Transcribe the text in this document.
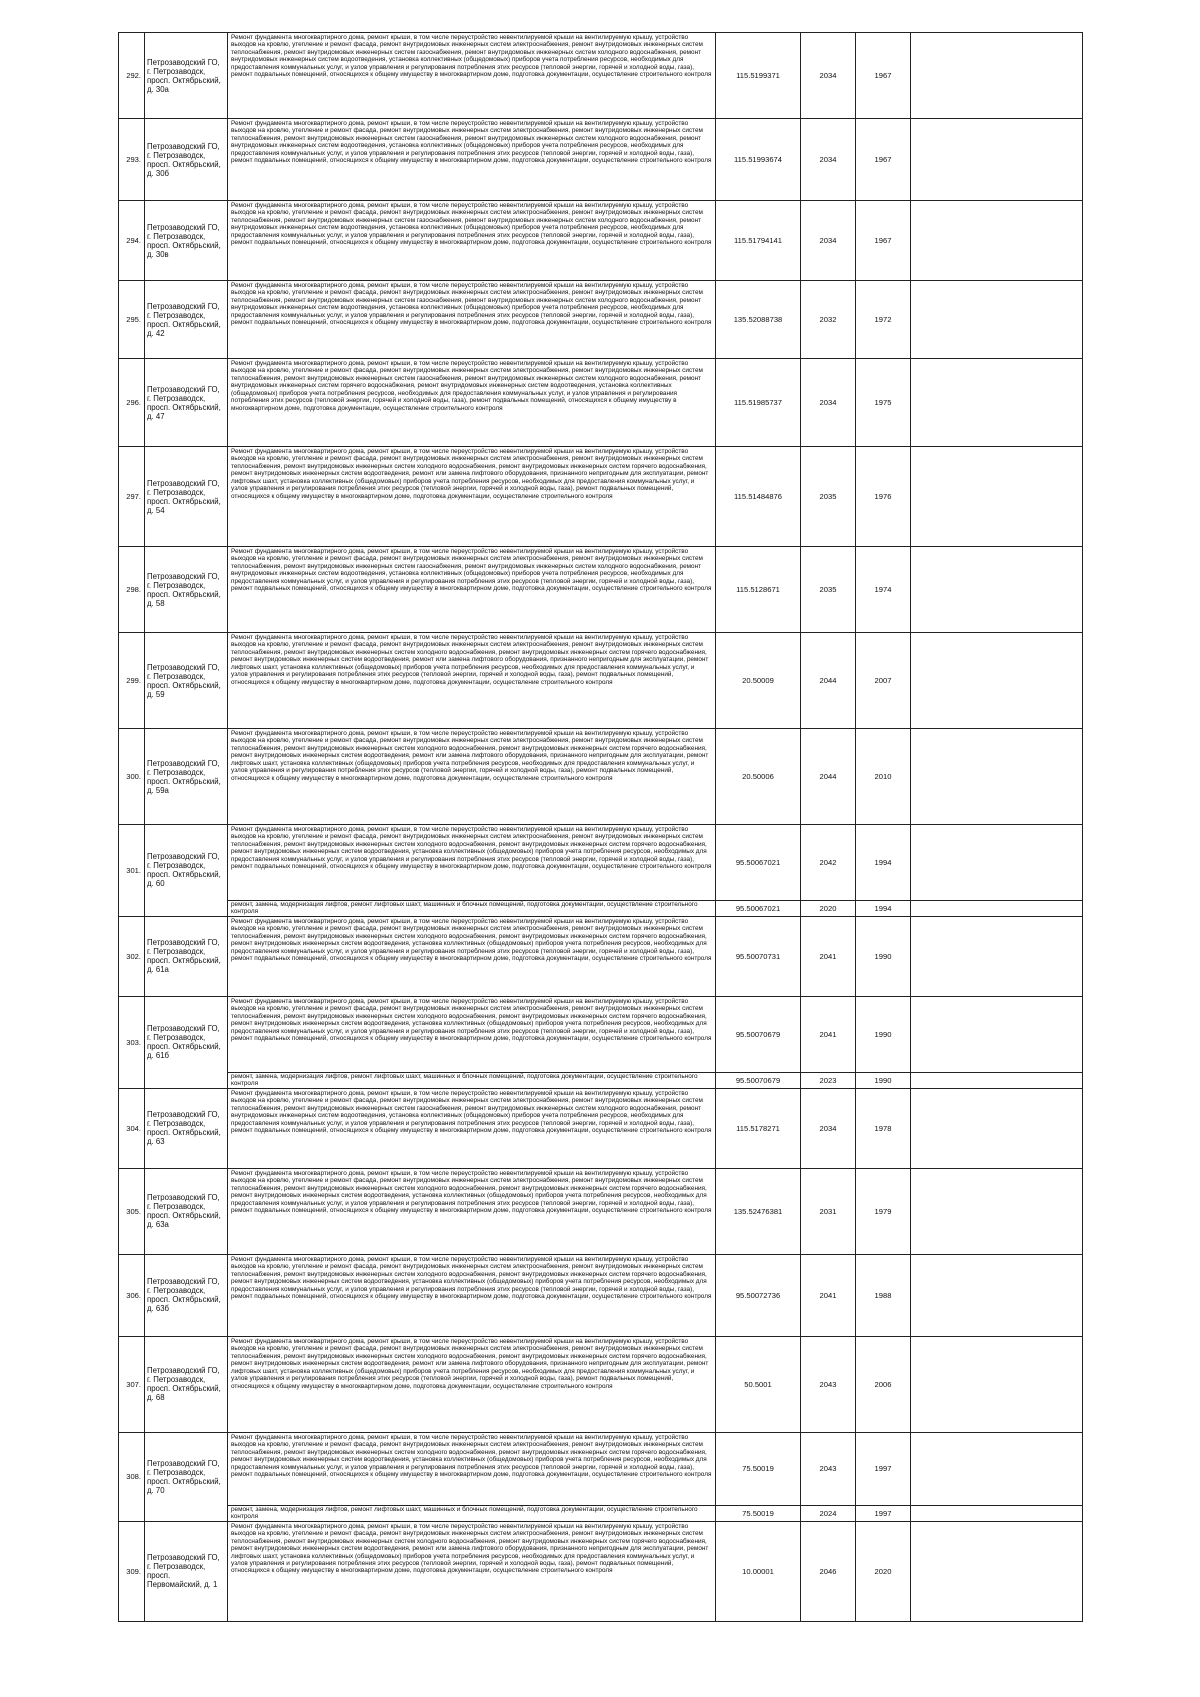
292.	Петрозаводский ГО, г. Петрозаводск, просп. Октябрьский, д. 30а	Ремонт фундамента многоквартирного дома, ремонт крыши, в том числе переустройство невентилируемой крыши на вентилируемую крышу, устройство выходов на кровлю, утепление и ремонт фасада, ремонт внутридомовых инженерных систем электроснабжения, ремонт внутридомовых инженерных систем теплоснабжения, ремонт внутридомовых инженерных систем газоснабжения, ремонт внутридомовых инженерных систем холодного водоснабжения, ремонт внутридомовых инженерных систем водоотведения, установка коллективных (общедомовых) приборов учета потребления ресурсов, необходимых для предоставления коммунальных услуг, и узлов управления и регулирования потребления этих ресурсов (тепловой энергии, горячей и холодной воды, газа), ремонт подвальных помещений, относящихся к общему имуществу в многоквартирном доме, подготовка документации, осуществление строительного контроля	115.5199371	2034	1967	
293.	Петрозаводский ГО, г. Петрозаводск, просп. Октябрьский, д. 30б	Ремонт фундамента многоквартирного дома, ремонт крыши, в том числе переустройство невентилируемой крыши на вентилируемую крышу, устройство выходов на кровлю, утепление и ремонт фасада, ремонт внутридомовых инженерных систем электроснабжения, ремонт внутридомовых инженерных систем теплоснабжения, ремонт внутридомовых инженерных систем газоснабжения, ремонт внутридомовых инженерных систем холодного водоснабжения, ремонт внутридомовых инженерных систем водоотведения, установка коллективных (общедомовых) приборов учета потребления ресурсов, необходимых для предоставления коммунальных услуг, и узлов управления и регулирования потребления этих ресурсов (тепловой энергии, горячей и холодной воды, газа), ремонт подвальных помещений, относящихся к общему имуществу в многоквартирном доме, подготовка документации, осуществление строительного контроля	115.51993674	2034	1967	
294.	Петрозаводский ГО, г. Петрозаводск, просп. Октябрьский, д. 30в	Ремонт фундамента многоквартирного дома, ремонт крыши, в том числе переустройство невентилируемой крыши на вентилируемую крышу, устройство выходов на кровлю, утепление и ремонт фасада, ремонт внутридомовых инженерных систем электроснабжения, ремонт внутридомовых инженерных систем теплоснабжения, ремонт внутридомовых инженерных систем газоснабжения, ремонт внутридомовых инженерных систем холодного водоснабжения, ремонт внутридомовых инженерных систем водоотведения, установка коллективных (общедомовых) приборов учета потребления ресурсов, необходимых для предоставления коммунальных услуг, и узлов управления и регулирования потребления этих ресурсов (тепловой энергии, горячей и холодной воды, газа), ремонт подвальных помещений, относящихся к общему имуществу в многоквартирном доме, подготовка документации, осуществление строительного контроля	115.51794141	2034	1967	
295.	Петрозаводский ГО, г. Петрозаводск, просп. Октябрьский, д. 42	Ремонт фундамента многоквартирного дома, ремонт крыши, в том числе переустройство невентилируемой крыши на вентилируемую крышу, устройство выходов на кровлю, утепление и ремонт фасада, ремонт внутридомовых инженерных систем электроснабжения, ремонт внутридомовых инженерных систем теплоснабжения, ремонт внутридомовых инженерных систем газоснабжения, ремонт внутридомовых инженерных систем холодного водоснабжения, ремонт внутридомовых инженерных систем водоотведения, установка коллективных (общедомовых) приборов учета потребления ресурсов, необходимых для предоставления коммунальных услуг, и узлов управления и регулирования потребления этих ресурсов (тепловой энергии, горячей и холодной воды, газа), ремонт подвальных помещений, относящихся к общему имуществу в многоквартирном доме, подготовка документации, осуществление строительного контроля	135.52088738	2032	1972	
296.	Петрозаводский ГО, г. Петрозаводск, просп. Октябрьский, д. 47	Ремонт фундамента многоквартирного дома, ремонт крыши, в том числе переустройство невентилируемой крыши на вентилируемую крышу, устройство выходов на кровлю, утепление и ремонт фасада, ремонт внутридомовых инженерных систем электроснабжения, ремонт внутридомовых инженерных систем теплоснабжения, ремонт внутридомовых инженерных систем газоснабжения, ремонт внутридомовых инженерных систем холодного водоснабжения, ремонт внутридомовых инженерных систем горячего водоснабжения, ремонт внутридомовых инженерных систем водоотведения, установка коллективных (общедомовых) приборов учета потребления ресурсов, необходимых для предоставления коммунальных услуг, и узлов управления и регулирования потребления этих ресурсов (тепловой энергии, горячей и холодной воды, газа), ремонт подвальных помещений, относящихся к общему имуществу в многоквартирном доме, подготовка документации, осуществление строительного контроля	115.51985737	2034	1975	
297.	Петрозаводский ГО, г. Петрозаводск, просп. Октябрьский, д. 54	Ремонт фундамента многоквартирного дома, ремонт крыши, в том числе переустройство невентилируемой крыши на вентилируемую крышу, устройство выходов на кровлю, утепление и ремонт фасада, ремонт внутридомовых инженерных систем электроснабжения, ремонт внутридомовых инженерных систем теплоснабжения, ремонт внутридомовых инженерных систем холодного водоснабжения, ремонт внутридомовых инженерных систем горячего водоснабжения, ремонт внутридомовых инженерных систем водоотведения, ремонт или замена лифтового оборудования, признанного непригодным для эксплуатации, ремонт лифтовых шахт, установка коллективных (общедомовых) приборов учета потребления ресурсов, необходимых для предоставления коммунальных услуг, и узлов управления и регулирования потребления этих ресурсов (тепловой энергии, горячей и холодной воды, газа), ремонт подвальных помещений, относящихся к общему имуществу в многоквартирном доме, подготовка документации, осуществление строительного контроля	115.51484876	2035	1976	
298.	Петрозаводский ГО, г. Петрозаводск, просп. Октябрьский, д. 58	Ремонт фундамента многоквартирного дома, ремонт крыши, в том числе переустройство невентилируемой крыши на вентилируемую крышу, устройство выходов на кровлю, утепление и ремонт фасада, ремонт внутридомовых инженерных систем электроснабжения, ремонт внутридомовых инженерных систем теплоснабжения, ремонт внутридомовых инженерных систем газоснабжения, ремонт внутридомовых инженерных систем холодного водоснабжения, ремонт внутридомовых инженерных систем водоотведения, установка коллективных (общедомовых) приборов учета потребления ресурсов, необходимых для предоставления коммунальных услуг, и узлов управления и регулирования потребления этих ресурсов (тепловой энергии, горячей и холодной воды, газа), ремонт подвальных помещений, относящихся к общему имуществу в многоквартирном доме, подготовка документации, осуществление строительного контроля	115.5128671	2035	1974	
299.	Петрозаводский ГО, г. Петрозаводск, просп. Октябрьский, д. 59	Ремонт фундамента многоквартирного дома, ремонт крыши, в том числе переустройство невентилируемой крыши на вентилируемую крышу, устройство выходов на кровлю, утепление и ремонт фасада, ремонт внутридомовых инженерных систем электроснабжения, ремонт внутридомовых инженерных систем теплоснабжения, ремонт внутридомовых инженерных систем холодного водоснабжения, ремонт внутридомовых инженерных систем горячего водоснабжения, ремонт внутридомовых инженерных систем водоотведения, ремонт или замена лифтового оборудования, признанного непригодным для эксплуатации, ремонт лифтовых шахт, установка коллективных (общедомовых) приборов учета потребления ресурсов, необходимых для предоставления коммунальных услуг, и узлов управления и регулирования потребления этих ресурсов (тепловой энергии, горячей и холодной воды, газа), ремонт подвальных помещений, относящихся к общему имуществу в многоквартирном доме, подготовка документации, осуществление строительного контроля	20.50009	2044	2007	
300.	Петрозаводский ГО, г. Петрозаводск, просп. Октябрьский, д. 59а	Ремонт фундамента многоквартирного дома, ремонт крыши, в том числе переустройство невентилируемой крыши на вентилируемую крышу, устройство выходов на кровлю, утепление и ремонт фасада, ремонт внутридомовых инженерных систем электроснабжения, ремонт внутридомовых инженерных систем теплоснабжения, ремонт внутридомовых инженерных систем холодного водоснабжения, ремонт внутридомовых инженерных систем горячего водоснабжения, ремонт внутридомовых инженерных систем водоотведения, ремонт или замена лифтового оборудования, признанного непригодным для эксплуатации, ремонт лифтовых шахт, установка коллективных (общедомовых) приборов учета потребления ресурсов, необходимых для предоставления коммунальных услуг, и узлов управления и регулирования потребления этих ресурсов (тепловой энергии, горячей и холодной воды, газа), ремонт подвальных помещений, относящихся к общему имуществу в многоквартирном доме, подготовка документации, осуществление строительного контроля	20.50006	2044	2010	
301.	Петрозаводский ГО, г. Петрозаводск, просп. Октябрьский, д. 60	Ремонт фундамента многоквартирного дома, ремонт крыши, в том числе переустройство невентилируемой крыши на вентилируемую крышу, устройство выходов на кровлю, утепление и ремонт фасада, ремонт внутридомовых инженерных систем электроснабжения, ремонт внутридомовых инженерных систем теплоснабжения, ремонт внутридомовых инженерных систем холодного водоснабжения, ремонт внутридомовых инженерных систем горячего водоснабжения, ремонт внутридомовых инженерных систем водоотведения, установка коллективных (общедомовых) приборов учета потребления ресурсов, необходимых для предоставления коммунальных услуг, и узлов управления и регулирования потребления этих ресурсов (тепловой энергии, горячей и холодной воды, газа), ремонт подвальных помещений, относящихся к общему имуществу в многоквартирном доме, подготовка документации, осуществление строительного контроля	95.50067021	2042	1994	
		ремонт, замена, модернизация лифтов, ремонт лифтовых шахт, машинных и блочных помещений, подготовка документации, осуществление строительного контроля	95.50067021	2020	1994	
302.	Петрозаводский ГО, г. Петрозаводск, просп. Октябрьский, д. 61а	Ремонт фундамента многоквартирного дома, ремонт крыши, в том числе переустройство невентилируемой крыши на вентилируемую крышу, устройство выходов на кровлю, утепление и ремонт фасада, ремонт внутридомовых инженерных систем электроснабжения, ремонт внутридомовых инженерных систем теплоснабжения, ремонт внутридомовых инженерных систем холодного водоснабжения, ремонт внутридомовых инженерных систем горячего водоснабжения, ремонт внутридомовых инженерных систем водоотведения, установка коллективных (общедомовых) приборов учета потребления ресурсов, необходимых для предоставления коммунальных услуг, и узлов управления и регулирования потребления этих ресурсов (тепловой энергии, горячей и холодной воды, газа), ремонт подвальных помещений, относящихся к общему имуществу в многоквартирном доме, подготовка документации, осуществление строительного контроля	95.50070731	2041	1990	
303.	Петрозаводский ГО, г. Петрозаводск, просп. Октябрьский, д. 61б	Ремонт фундамента многоквартирного дома, ремонт крыши, в том числе переустройство невентилируемой крыши на вентилируемую крышу, устройство выходов на кровлю, утепление и ремонт фасада, ремонт внутридомовых инженерных систем электроснабжения, ремонт внутридомовых инженерных систем теплоснабжения, ремонт внутридомовых инженерных систем холодного водоснабжения, ремонт внутридомовых инженерных систем горячего водоснабжения, ремонт внутридомовых инженерных систем водоотведения, установка коллективных (общедомовых) приборов учета потребления ресурсов, необходимых для предоставления коммунальных услуг, и узлов управления и регулирования потребления этих ресурсов (тепловой энергии, горячей и холодной воды, газа), ремонт подвальных помещений, относящихся к общему имуществу в многоквартирном доме, подготовка документации, осуществление строительного контроля	95.50070679	2041	1990	
		ремонт, замена, модернизация лифтов, ремонт лифтовых шахт, машинных и блочных помещений, подготовка документации, осуществление строительного контроля	95.50070679	2023	1990	
304.	Петрозаводский ГО, г. Петрозаводск, просп. Октябрьский, д. 63	Ремонт фундамента многоквартирного дома, ремонт крыши, в том числе переустройство невентилируемой крыши на вентилируемую крышу, устройство выходов на кровлю, утепление и ремонт фасада, ремонт внутридомовых инженерных систем электроснабжения, ремонт внутридомовых инженерных систем теплоснабжения, ремонт внутридомовых инженерных систем газоснабжения, ремонт внутридомовых инженерных систем холодного водоснабжения, ремонт внутридомовых инженерных систем водоотведения, установка коллективных (общедомовых) приборов учета потребления ресурсов, необходимых для предоставления коммунальных услуг, и узлов управления и регулирования потребления этих ресурсов (тепловой энергии, горячей и холодной воды, газа), ремонт подвальных помещений, относящихся к общему имуществу в многоквартирном доме, подготовка документации, осуществление строительного контроля	115.5178271	2034	1978	
305.	Петрозаводский ГО, г. Петрозаводск, просп. Октябрьский, д. 63а	Ремонт фундамента многоквартирного дома, ремонт крыши, в том числе переустройство невентилируемой крыши на вентилируемую крышу, устройство выходов на кровлю, утепление и ремонт фасада, ремонт внутридомовых инженерных систем электроснабжения, ремонт внутридомовых инженерных систем теплоснабжения, ремонт внутридомовых инженерных систем холодного водоснабжения, ремонт внутридомовых инженерных систем горячего водоснабжения, ремонт внутридомовых инженерных систем водоотведения, установка коллективных (общедомовых) приборов учета потребления ресурсов, необходимых для предоставления коммунальных услуг, и узлов управления и регулирования потребления этих ресурсов (тепловой энергии, горячей и холодной воды, газа), ремонт подвальных помещений, относящихся к общему имуществу в многоквартирном доме, подготовка документации, осуществление строительного контроля	135.52476381	2031	1979	
306.	Петрозаводский ГО, г. Петрозаводск, просп. Октябрьский, д. 63б	Ремонт фундамента многоквартирного дома, ремонт крыши, в том числе переустройство невентилируемой крыши на вентилируемую крышу, устройство выходов на кровлю, утепление и ремонт фасада, ремонт внутридомовых инженерных систем электроснабжения, ремонт внутридомовых инженерных систем теплоснабжения, ремонт внутридомовых инженерных систем холодного водоснабжения, ремонт внутридомовых инженерных систем горячего водоснабжения, ремонт внутридомовых инженерных систем водоотведения, установка коллективных (общедомовых) приборов учета потребления ресурсов, необходимых для предоставления коммунальных услуг, и узлов управления и регулирования потребления этих ресурсов (тепловой энергии, горячей и холодной воды, газа), ремонт подвальных помещений, относящихся к общему имуществу в многоквартирном доме, подготовка документации, осуществление строительного контроля	95.50072736	2041	1988	
307.	Петрозаводский ГО, г. Петрозаводск, просп. Октябрьский, д. 68	Ремонт фундамента многоквартирного дома, ремонт крыши, в том числе переустройство невентилируемой крыши на вентилируемую крышу, устройство выходов на кровлю, утепление и ремонт фасада, ремонт внутридомовых инженерных систем электроснабжения, ремонт внутридомовых инженерных систем теплоснабжения, ремонт внутридомовых инженерных систем холодного водоснабжения, ремонт внутридомовых инженерных систем горячего водоснабжения, ремонт внутридомовых инженерных систем водоотведения, ремонт или замена лифтового оборудования, признанного непригодным для эксплуатации, ремонт лифтовых шахт, установка коллективных (общедомовых) приборов учета потребления ресурсов, необходимых для предоставления коммунальных услуг, и узлов управления и регулирования потребления этих ресурсов (тепловой энергии, горячей и холодной воды, газа), ремонт подвальных помещений, относящихся к общему имуществу в многоквартирном доме, подготовка документации, осуществление строительного контроля	50.5001	2043	2006	
308.	Петрозаводский ГО, г. Петрозаводск, просп. Октябрьский, д. 70	Ремонт фундамента многоквартирного дома, ремонт крыши, в том числе переустройство невентилируемой крыши на вентилируемую крышу, устройство выходов на кровлю, утепление и ремонт фасада, ремонт внутридомовых инженерных систем электроснабжения, ремонт внутридомовых инженерных систем теплоснабжения, ремонт внутридомовых инженерных систем холодного водоснабжения, ремонт внутридомовых инженерных систем горячего водоснабжения, ремонт внутридомовых инженерных систем водоотведения, установка коллективных (общедомовых) приборов учета потребления ресурсов, необходимых для предоставления коммунальных услуг, и узлов управления и регулирования потребления этих ресурсов (тепловой энергии, горячей и холодной воды, газа), ремонт подвальных помещений, относящихся к общему имуществу в многоквартирном доме, подготовка документации, осуществление строительного контроля	75.50019	2043	1997	
		ремонт, замена, модернизация лифтов, ремонт лифтовых шахт, машинных и блочных помещений, подготовка документации, осуществление строительного контроля	75.50019	2024	1997	
309.	Петрозаводский ГО, г. Петрозаводск, просп. Первомайский, д. 1	Ремонт фундамента многоквартирного дома, ремонт крыши, в том числе переустройство невентилируемой крыши на вентилируемую крышу, устройство выходов на кровлю, утепление и ремонт фасада, ремонт внутридомовых инженерных систем электроснабжения, ремонт внутридомовых инженерных систем теплоснабжения, ремонт внутридомовых инженерных систем холодного водоснабжения, ремонт внутридомовых инженерных систем горячего водоснабжения, ремонт внутридомовых инженерных систем водоотведения, ремонт или замена лифтового оборудования, признанного непригодным для эксплуатации, ремонт лифтовых шахт, установка коллективных (общедомовых) приборов учета потребления ресурсов, необходимых для предоставления коммунальных услуг, и узлов управления и регулирования потребления этих ресурсов (тепловой энергии, горячей и холодной воды, газа), ремонт подвальных помещений, относящихся к общему имуществу в многоквартирном доме, подготовка документации, осуществление строительного контроля	10.00001	2046	2020	
